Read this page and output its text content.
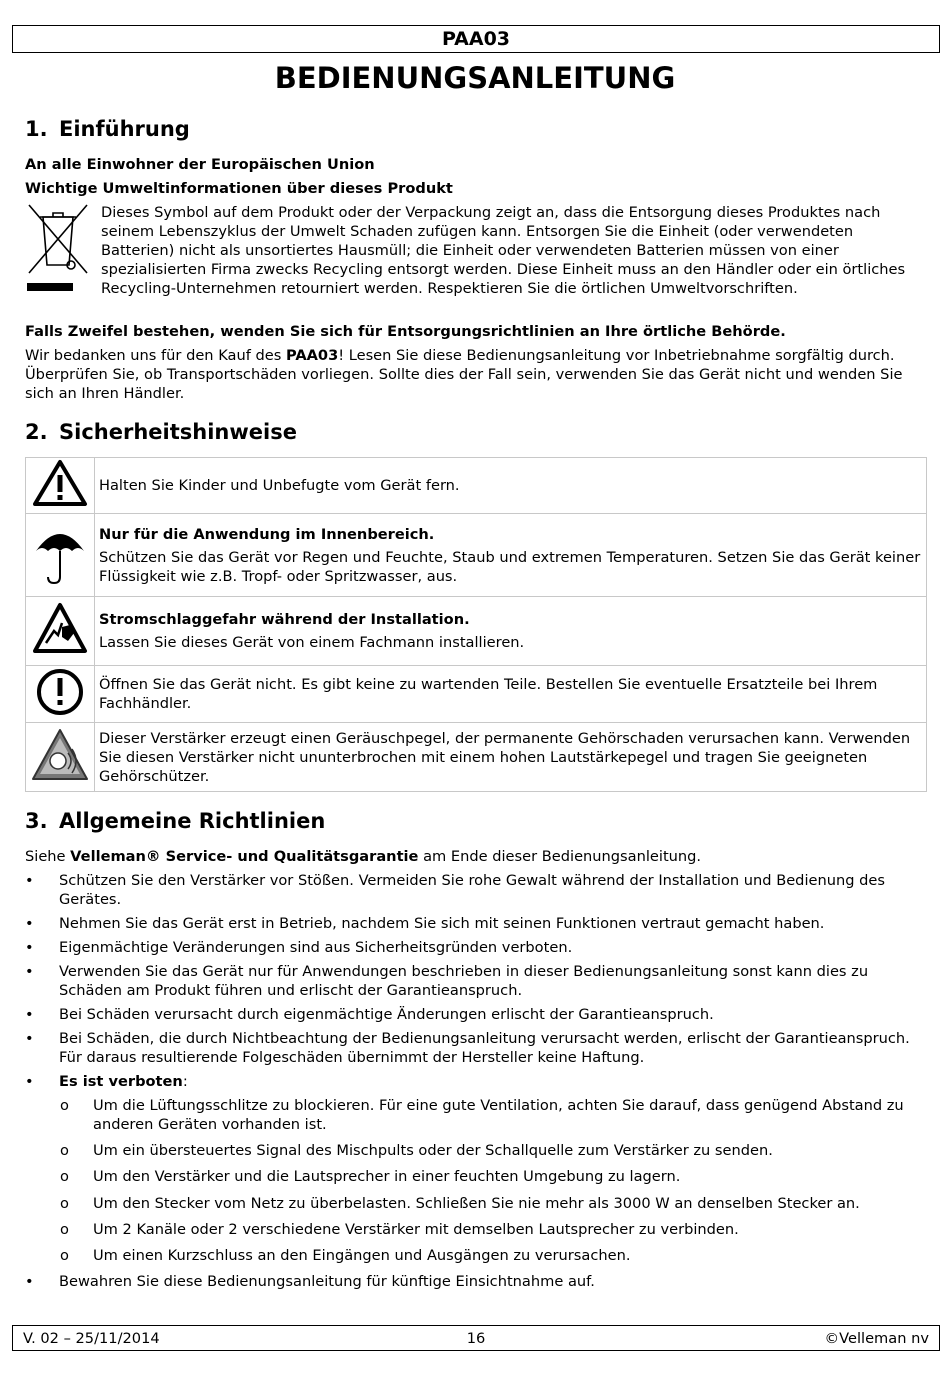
PAA03
BEDIENUNGSANLEITUNG
1. Einführung
An alle Einwohner der Europäischen Union
Wichtige Umweltinformationen über dieses Produkt
Dieses Symbol auf dem Produkt oder der Verpackung zeigt an, dass die Entsorgung dieses Produktes nach seinem Lebenszyklus der Umwelt Schaden zufügen kann. Entsorgen Sie die Einheit (oder verwendeten Batterien) nicht als unsortiertes Hausmüll; die Einheit oder verwendeten Batterien müssen von einer spezialisierten Firma zwecks Recycling entsorgt werden. Diese Einheit muss an den Händler oder ein örtliches Recycling-Unternehmen retourniert werden. Respektieren Sie die örtlichen Umweltvorschriften.
Falls Zweifel bestehen, wenden Sie sich für Entsorgungsrichtlinien an Ihre örtliche Behörde.
Wir bedanken uns für den Kauf des PAA03! Lesen Sie diese Bedienungsanleitung vor Inbetriebnahme sorgfältig durch. Überprüfen Sie, ob Transportschäden vorliegen. Sollte dies der Fall sein, verwenden Sie das Gerät nicht und wenden Sie sich an Ihren Händler.
2. Sicherheitshinweise
	Halten Sie Kinder und Unbefugte vom Gerät fern.

Nur für die Anwendung im Innenbereich.
Schützen Sie das Gerät vor Regen und Feuchte, Staub und extremen Temperaturen. Setzen Sie das Gerät keiner Flüssigkeit wie z.B. Tropf- oder Spritzwasser, aus.

Stromschlaggefahr während der Installation.
Lassen Sie dieses Gerät von einem Fachmann installieren.

	Öffnen Sie das Gerät nicht. Es gibt keine zu wartenden Teile. Bestellen Sie eventuelle Ersatzteile bei Ihrem Fachhändler.
	Dieser Verstärker erzeugt einen Geräuschpegel, der permanente Gehörschaden verursachen kann. Verwenden Sie diesen Verstärker nicht ununterbrochen mit einem hohen Lautstärkepegel und tragen Sie geeigneten Gehörschützer.
3. Allgemeine Richtlinien
Siehe Velleman® Service- und Qualitätsgarantie am Ende dieser Bedienungsanleitung.
• Schützen Sie den Verstärker vor Stößen. Vermeiden Sie rohe Gewalt während der Installation und Bedienung des Gerätes.
• Nehmen Sie das Gerät erst in Betrieb, nachdem Sie sich mit seinen Funktionen vertraut gemacht haben.
• Eigenmächtige Veränderungen sind aus Sicherheitsgründen verboten.
• Verwenden Sie das Gerät nur für Anwendungen beschrieben in dieser Bedienungsanleitung sonst kann dies zu Schäden am Produkt führen und erlischt der Garantieanspruch.
• Bei Schäden verursacht durch eigenmächtige Änderungen erlischt der Garantieanspruch.
• Bei Schäden, die durch Nichtbeachtung der Bedienungsanleitung verursacht werden, erlischt der Garantieanspruch. Für daraus resultierende Folgeschäden übernimmt der Hersteller keine Haftung.
• Es ist verboten:
o Um die Lüftungsschlitze zu blockieren. Für eine gute Ventilation, achten Sie darauf, dass genügend Abstand zu anderen Geräten vorhanden ist.
o Um ein übersteuertes Signal des Mischpults oder der Schallquelle zum Verstärker zu senden.
o Um den Verstärker und die Lautsprecher in einer feuchten Umgebung zu lagern.
o Um den Stecker vom Netz zu überbelasten. Schließen Sie nie mehr als 3000 W an denselben Stecker an.
o Um 2 Kanäle oder 2 verschiedene Verstärker mit demselben Lautsprecher zu verbinden.
o Um einen Kurzschluss an den Eingängen und Ausgängen zu verursachen.
• Bewahren Sie diese Bedienungsanleitung für künftige Einsichtnahme auf.
V. 02 – 25/11/2014	16	©Velleman nv
